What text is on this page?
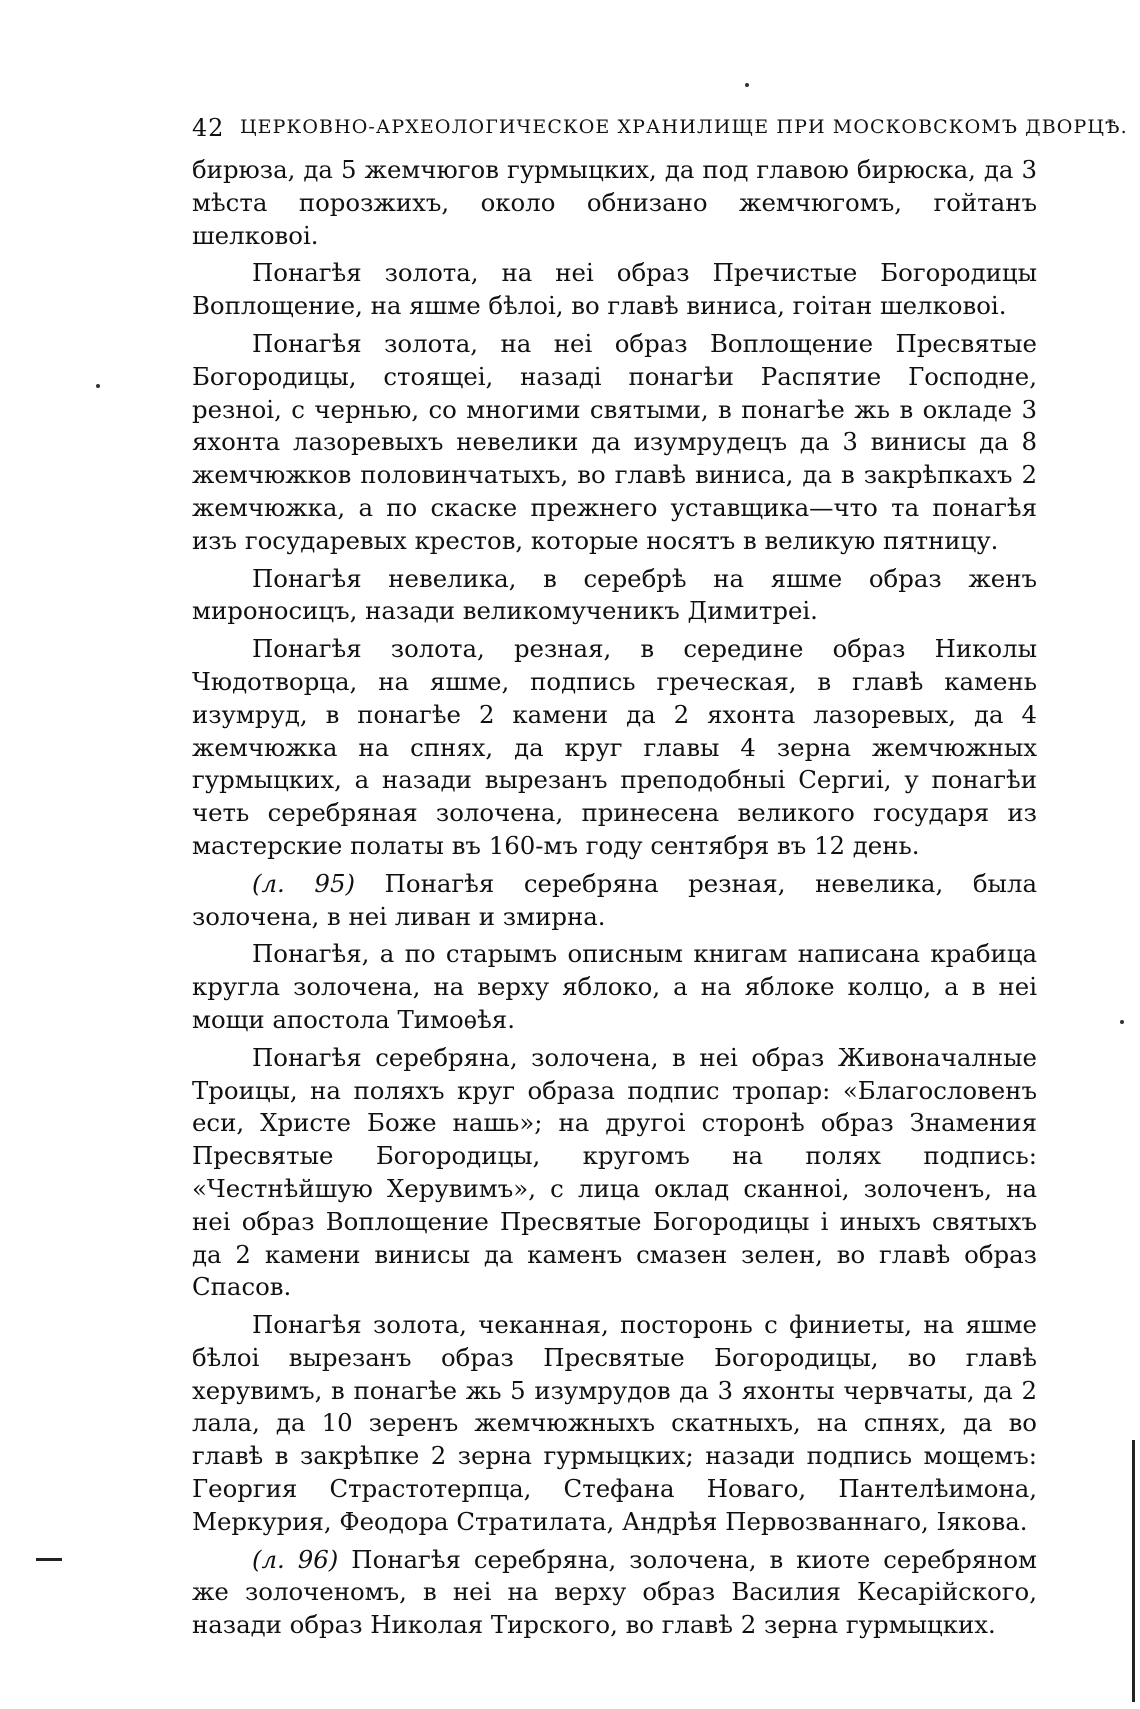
42 ЦЕРКОВНО-АРХЕОЛОГИЧЕСКОЕ ХРАНИЛИЩЕ ПРИ МОСКОВСКОМЪ ДВОРЦѢ.

бирюза, да 5 жемчюгов гурмыцких, да под главою бирюска, да 3 мѣста порозжихъ, около обнизано жемчюгомъ, гойтанъ шелковоі.

Понагѣя золота, на неі образ Пречистые Богородицы Воплощение, на яшме бѣлоі, во главѣ виниса, гоітан шелковоі.

Понагѣя золота, на неі образ Воплощение Пресвятые Богородицы, стоящеі, назаді понагѣи Распятие Господне, резноі, с чернью, со многими святыми, в понагѣе жь в окладе 3 яхонта лазоревыхъ невелики да изумрудецъ да 3 винисы да 8 жемчюжков половинчатыхъ, во главѣ виниса, да в закрѣпкахъ 2 жемчюжка, а по скаске прежнего уставщика—что та понагѣя изъ государевых крестов, которые носятъ в великую пятницу.

Понагѣя невелика, в серебрѣ на яшме образ женъ мироносицъ, назади великомученикъ Димитреі.

Понагѣя золота, резная, в середине образ Николы Чюдотворца, на яшме, подпись греческая, в главѣ камень изумруд, в понагѣе 2 камени да 2 яхонта лазоревых, да 4 жемчюжка на спнях, да круг главы 4 зерна жемчюжных гурмыцких, а назади вырезанъ преподобныі Сергиі, у понагѣи четь серебряная золочена, принесена великого государя из мастерские полаты въ 160-мъ году сентября въ 12 день.

(л. 95) Понагѣя серебряна резная, невелика, была золочена, в неі ливан и змирна.

Понагѣя, а по старымъ описным книгам написана крабица кругла золочена, на верху яблоко, а на яблоке колцо, а в неі мощи апостола Тимоѳѣя.

Понагѣя серебряна, золочена, в неі образ Живоначалные Троицы, на поляхъ круг образа подпис тропар: «Благословенъ еси, Христе Боже нашь»; на другоі сторонѣ образ Знамения Пресвятые Богородицы, кругомъ на полях подпись: «Честнѣйшую Херувимъ», с лица оклад сканноі, золоченъ, на неі образ Воплощение Пресвятые Богородицы і иныхъ святыхъ да 2 камени винисы да каменъ смазен зелен, во главѣ образ Спасов.

Понагѣя золота, чеканная, посторонь с финиеты, на яшме бѣлоі вырезанъ образ Пресвятые Богородицы, во главѣ херувимъ, в понагѣе жь 5 изумрудов да 3 яхонты червчаты, да 2 лала, да 10 зеренъ жемчюжныхъ скатныхъ, на спнях, да во главѣ в закрѣпке 2 зерна гурмыцких; назади подпись мощемъ: Георгия Страстотерпца, Стефана Новаго, Пантелѣимона, Меркурия, Феодора Стратилата, Андрѣя Первозваннаго, Іякова.

(л. 96) Понагѣя серебряна, золочена, в киоте серебряном же золоченомъ, в неі на верху образ Василия Кесарійского, назади образ Николая Тирского, во главѣ 2 зерна гурмыцких.
